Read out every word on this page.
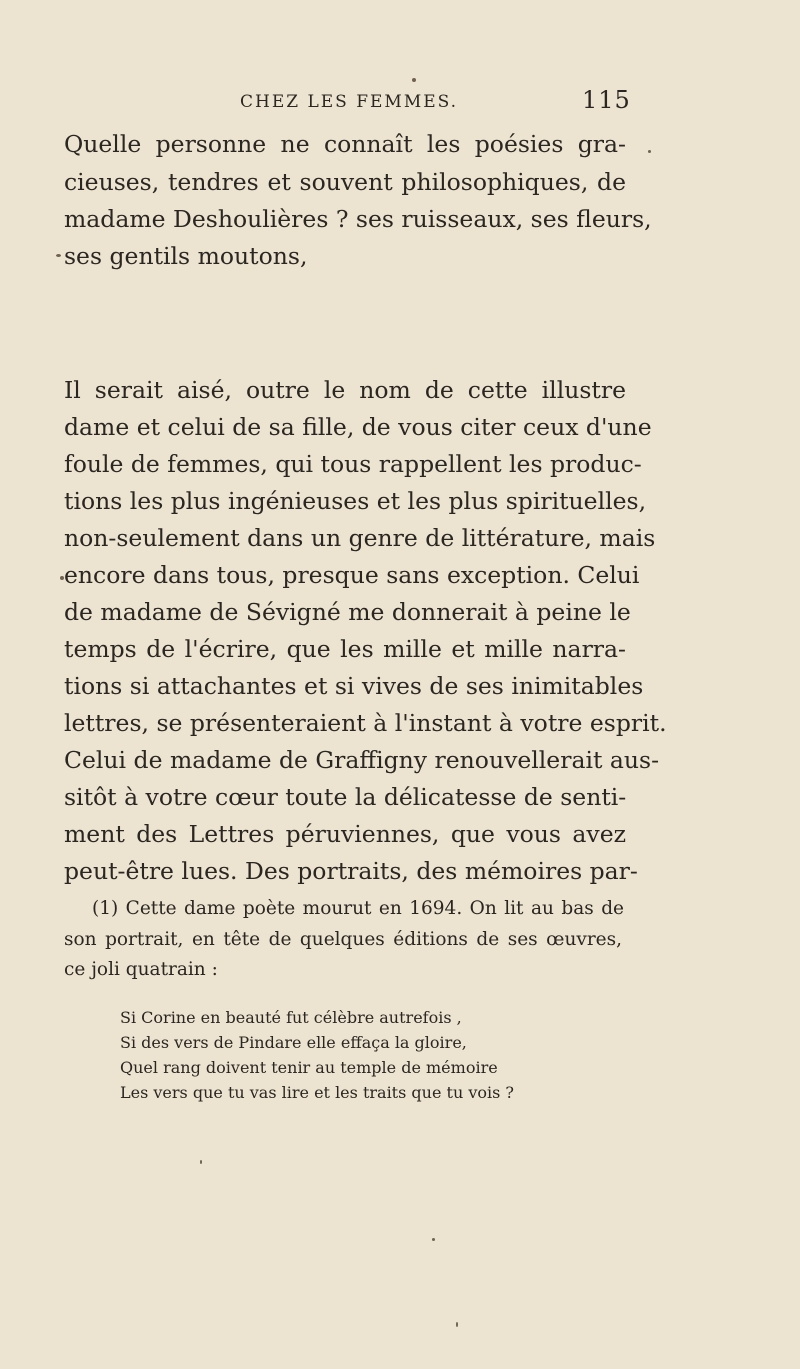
CHEZ LES FEMMES.	115
Quelle personne ne connaît les poésies gra-
cieuses, tendres et souvent philosophiques, de
madame Deshoulières ? ses ruisseaux, ses fleurs,
ses gentils moutons,
Il serait aisé, outre le nom de cette illustre
dame et celui de sa fille, de vous citer ceux d'une
foule de femmes, qui tous rappellent les produc-
tions les plus ingénieuses et les plus spirituelles,
non-seulement dans un genre de littérature, mais
encore dans tous, presque sans exception. Celui
de madame de Sévigné me donnerait à peine le
temps de l'écrire, que les mille et mille narra-
tions si attachantes et si vives de ses inimitables
lettres, se présenteraient à l'instant à votre esprit.
Celui de madame de Graffigny renouvellerait aus-
sitôt à votre cœur toute la délicatesse de senti-
ment des Lettres péruviennes, que vous avez
peut-être lues. Des portraits, des mémoires par-
(1) Cette dame poète mourut en 1694. On lit au bas de
son portrait, en tête de quelques éditions de ses œuvres,
ce joli quatrain :
Si Corine en beauté fut célèbre autrefois ,
Si des vers de Pindare elle effaça la gloire,
Quel rang doivent tenir au temple de mémoire
Les vers que tu vas lire et les traits que tu vois ?
